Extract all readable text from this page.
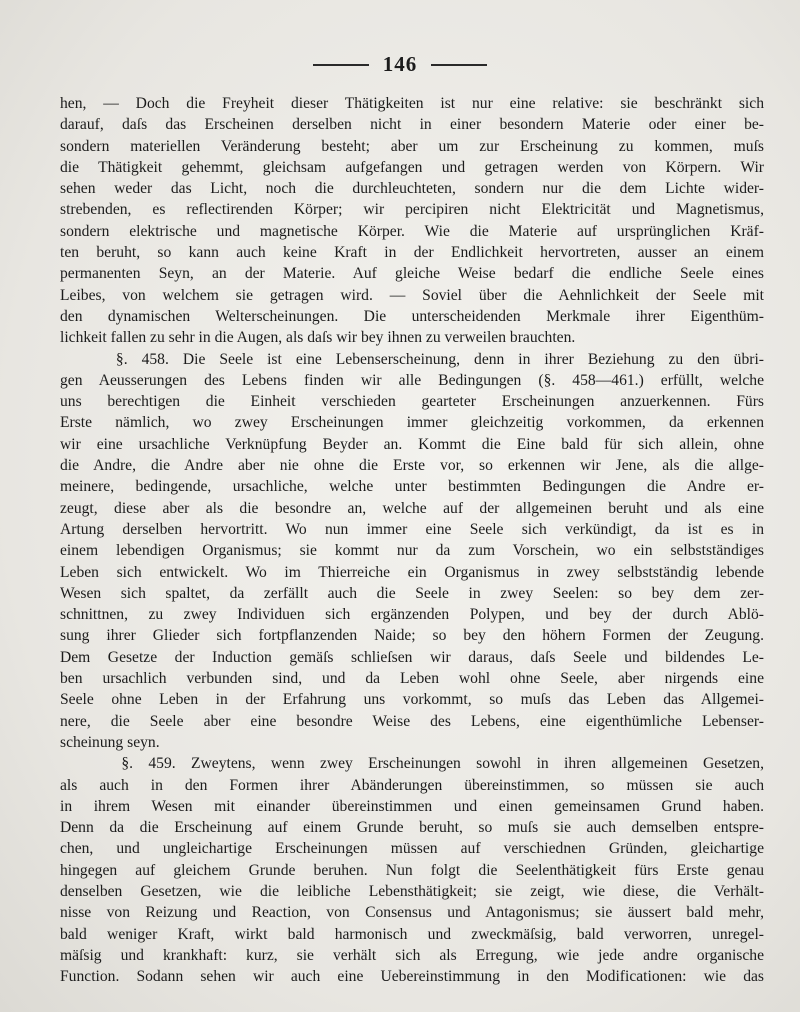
146
hen, — Doch die Freyheit dieser Thätigkeiten ist nur eine relative: sie beschränkt sich
darauf, daſs das Erscheinen derselben nicht in einer besondern Materie oder einer be-
sondern materiellen Veränderung besteht; aber um zur Erscheinung zu kommen, muſs
die Thätigkeit gehemmt, gleichsam aufgefangen und getragen werden von Körpern. Wir
sehen weder das Licht, noch die durchleuchteten, sondern nur die dem Lichte wider-
strebenden, es reflectirenden Körper; wir percipiren nicht Elektricität und Magnetismus,
sondern elektrische und magnetische Körper. Wie die Materie auf ursprünglichen Kräf-
ten beruht, so kann auch keine Kraft in der Endlichkeit hervortreten, ausser an einem
permanenten Seyn, an der Materie. Auf gleiche Weise bedarf die endliche Seele eines
Leibes, von welchem sie getragen wird. — Soviel über die Aehnlichkeit der Seele mit
den dynamischen Welterscheinungen. Die unterscheidenden Merkmale ihrer Eigenthüm-
lichkeit fallen zu sehr in die Augen, als daſs wir bey ihnen zu verweilen brauchten.
§. 458. Die Seele ist eine Lebenserscheinung, denn in ihrer Beziehung zu den übri-
gen Aeusserungen des Lebens finden wir alle Bedingungen (§. 458—461.) erfüllt, welche
uns berechtigen die Einheit verschieden gearteter Erscheinungen anzuerkennen. Fürs
Erste nämlich, wo zwey Erscheinungen immer gleichzeitig vorkommen, da erkennen
wir eine ursachliche Verknüpfung Beyder an. Kommt die Eine bald für sich allein, ohne
die Andre, die Andre aber nie ohne die Erste vor, so erkennen wir Jene, als die allge-
meinere, bedingende, ursachliche, welche unter bestimmten Bedingungen die Andre er-
zeugt, diese aber als die besondre an, welche auf der allgemeinen beruht und als eine
Artung derselben hervortritt. Wo nun immer eine Seele sich verkündigt, da ist es in
einem lebendigen Organismus; sie kommt nur da zum Vorschein, wo ein selbstständiges
Leben sich entwickelt. Wo im Thierreiche ein Organismus in zwey selbstständig lebende
Wesen sich spaltet, da zerfällt auch die Seele in zwey Seelen: so bey dem zer-
schnittnen, zu zwey Individuen sich ergänzenden Polypen, und bey der durch Ablö-
sung ihrer Glieder sich fortpflanzenden Naide; so bey den höhern Formen der Zeugung.
Dem Gesetze der Induction gemäſs schlieſsen wir daraus, daſs Seele und bildendes Le-
ben ursachlich verbunden sind, und da Leben wohl ohne Seele, aber nirgends eine
Seele ohne Leben in der Erfahrung uns vorkommt, so muſs das Leben das Allgemei-
nere, die Seele aber eine besondre Weise des Lebens, eine eigenthümliche Lebenser-
scheinung seyn.
§. 459. Zweytens, wenn zwey Erscheinungen sowohl in ihren allgemeinen Gesetzen,
als auch in den Formen ihrer Abänderungen übereinstimmen, so müssen sie auch
in ihrem Wesen mit einander übereinstimmen und einen gemeinsamen Grund haben.
Denn da die Erscheinung auf einem Grunde beruht, so muſs sie auch demselben entspre-
chen, und ungleichartige Erscheinungen müssen auf verschiednen Gründen, gleichartige
hingegen auf gleichem Grunde beruhen. Nun folgt die Seelenthätigkeit fürs Erste genau
denselben Gesetzen, wie die leibliche Lebensthätigkeit; sie zeigt, wie diese, die Verhält-
nisse von Reizung und Reaction, von Consensus und Antagonismus; sie äussert bald mehr,
bald weniger Kraft, wirkt bald harmonisch und zweckmäſsig, bald verworren, unregel-
mäſsig und krankhaft: kurz, sie verhält sich als Erregung, wie jede andre organische
Function. Sodann sehen wir auch eine Uebereinstimmung in den Modificationen: wie das
